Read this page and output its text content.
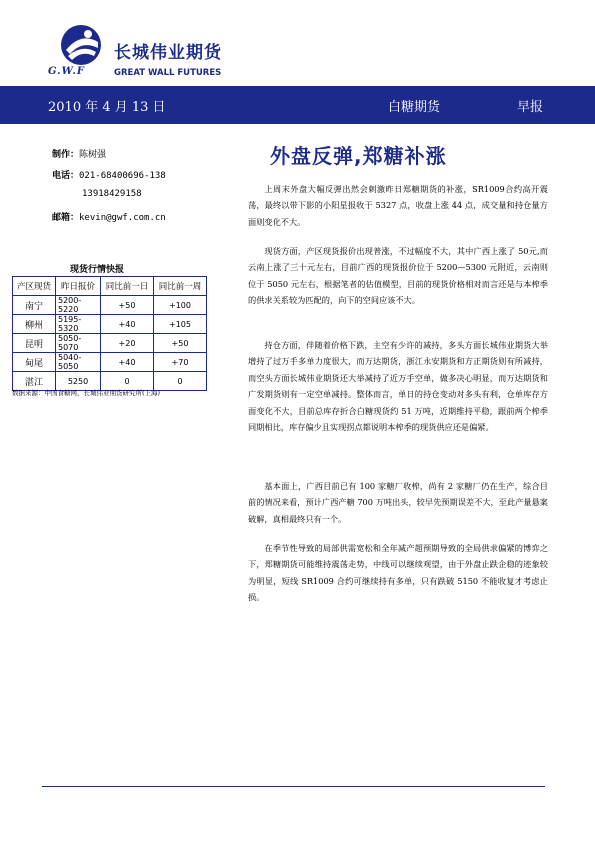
G.W.F
长城伟业期货
GREAT WALL FUTURES
2010 年 4 月 13 日	白糖期货	早报
制作：陈树强
电话：021-68400696-138
13918429158
邮箱：kevin@gwf.com.cn
现货行情快报
产区现货	昨日报价	同比前一日	同比前一周
南宁	5200-5220	+50	+100
柳州	5195-5320	+40	+105
昆明	5050-5070	+20	+50
甸尾	5040-5050	+40	+70
湛江	5250	0	0
数据来源：中国食糖网，长城伟业期货研究所(上海)
外盘反弹,郑糖补涨

上周末外盘大幅反弹出然会刺激昨日郑糖期货的补涨，SR1009合约高开震荡，最终以带下影的小阳星报收于 5327 点，收盘上涨 44 点，成交量和持仓量方面则变化不大。

现货方面，产区现货报价出现普涨，不过幅度不大，其中广西上涨了 50元,而云南上涨了三十元左右，目前广西的现货报价位于 5200—5300 元附近，云南则位于 5050 元左右，根据笔者的估值模型，目前的现货价格相对而言还是与本榨季的供求关系较为匹配的，向下的空间应该不大。

持仓方面，伴随着价格下跌，主空有少许的减持，多头方面长城伟业期货大举增持了过万手多单力度很大，而万达期货，浙江永安期货和方正期货则有所减持，而空头方面长城伟业期货还大举减持了近万手空单，做多决心明显，而万达期货和广发期货则有一定空单减持。整体而言，单日的持仓变动对多头有利，仓单库存方面变化不大，目前总库存折合白糖现货约 51 万吨，近期维持平稳，跟前两个榨季同期相比，库存偏少且实现拐点都说明本榨季的现货供应还是偏紧。

基本面上，广西目前已有 100 家糖厂收榨，尚有 2 家糖厂仍在生产，综合目前的情况来看，预计广西产糖 700 万吨出头，较早先预期误差不大，至此产量悬案破解，真相最终只有一个。

在季节性导致的局部供需宽松和全年减产超预期导致的全局供求偏紧的博弈之下，郑糖期货可能维持震荡走势，中线可以继续观望，由于外盘止跌企稳的迹象较为明显，短线 SR1009 合约可继续持有多单，只有跌破 5150 不能收复才考虑止损。
